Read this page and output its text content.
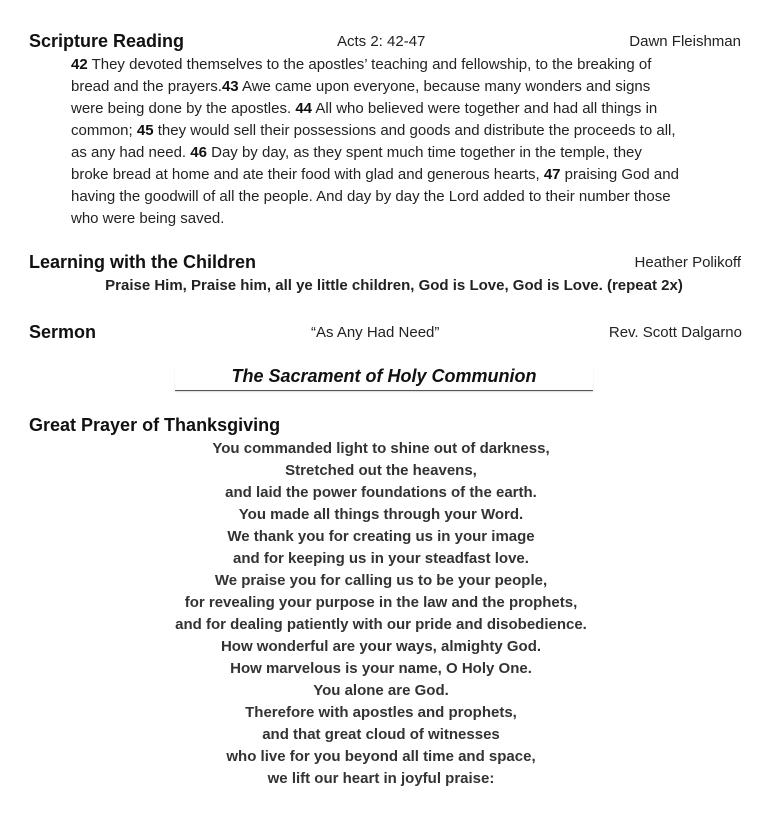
Scripture Reading	Acts 2: 42-47	Dawn Fleishman
42 They devoted themselves to the apostles’ teaching and fellowship, to the breaking of bread and the prayers.43 Awe came upon everyone, because many wonders and signs were being done by the apostles. 44 All who believed were together and had all things in common; 45 they would sell their possessions and goods and distribute the proceeds to all, as any had need. 46 Day by day, as they spent much time together in the temple, they broke bread at home and ate their food with glad and generous hearts, 47 praising God and having the goodwill of all the people. And day by day the Lord added to their number those who were being saved.
Learning with the Children	Heather Polikoff
Praise Him, Praise him, all ye little children, God is Love, God is Love. (repeat 2x)
Sermon	“As Any Had Need”	Rev. Scott Dalgarno
The Sacrament of Holy Communion
Great Prayer of Thanksgiving
You commanded light to shine out of darkness,
Stretched out the heavens,
and laid the power foundations of the earth.
You made all things through your Word.
We thank you for creating us in your image
and for keeping us in your steadfast love.
We praise you for calling us to be your people,
for revealing your purpose in the law and the prophets,
and for dealing patiently with our pride and disobedience.
How wonderful are your ways, almighty God.
How marvelous is your name, O Holy One.
You alone are God.
Therefore with apostles and prophets,
and that great cloud of witnesses
who live for you beyond all time and space,
we lift our heart in joyful praise:
